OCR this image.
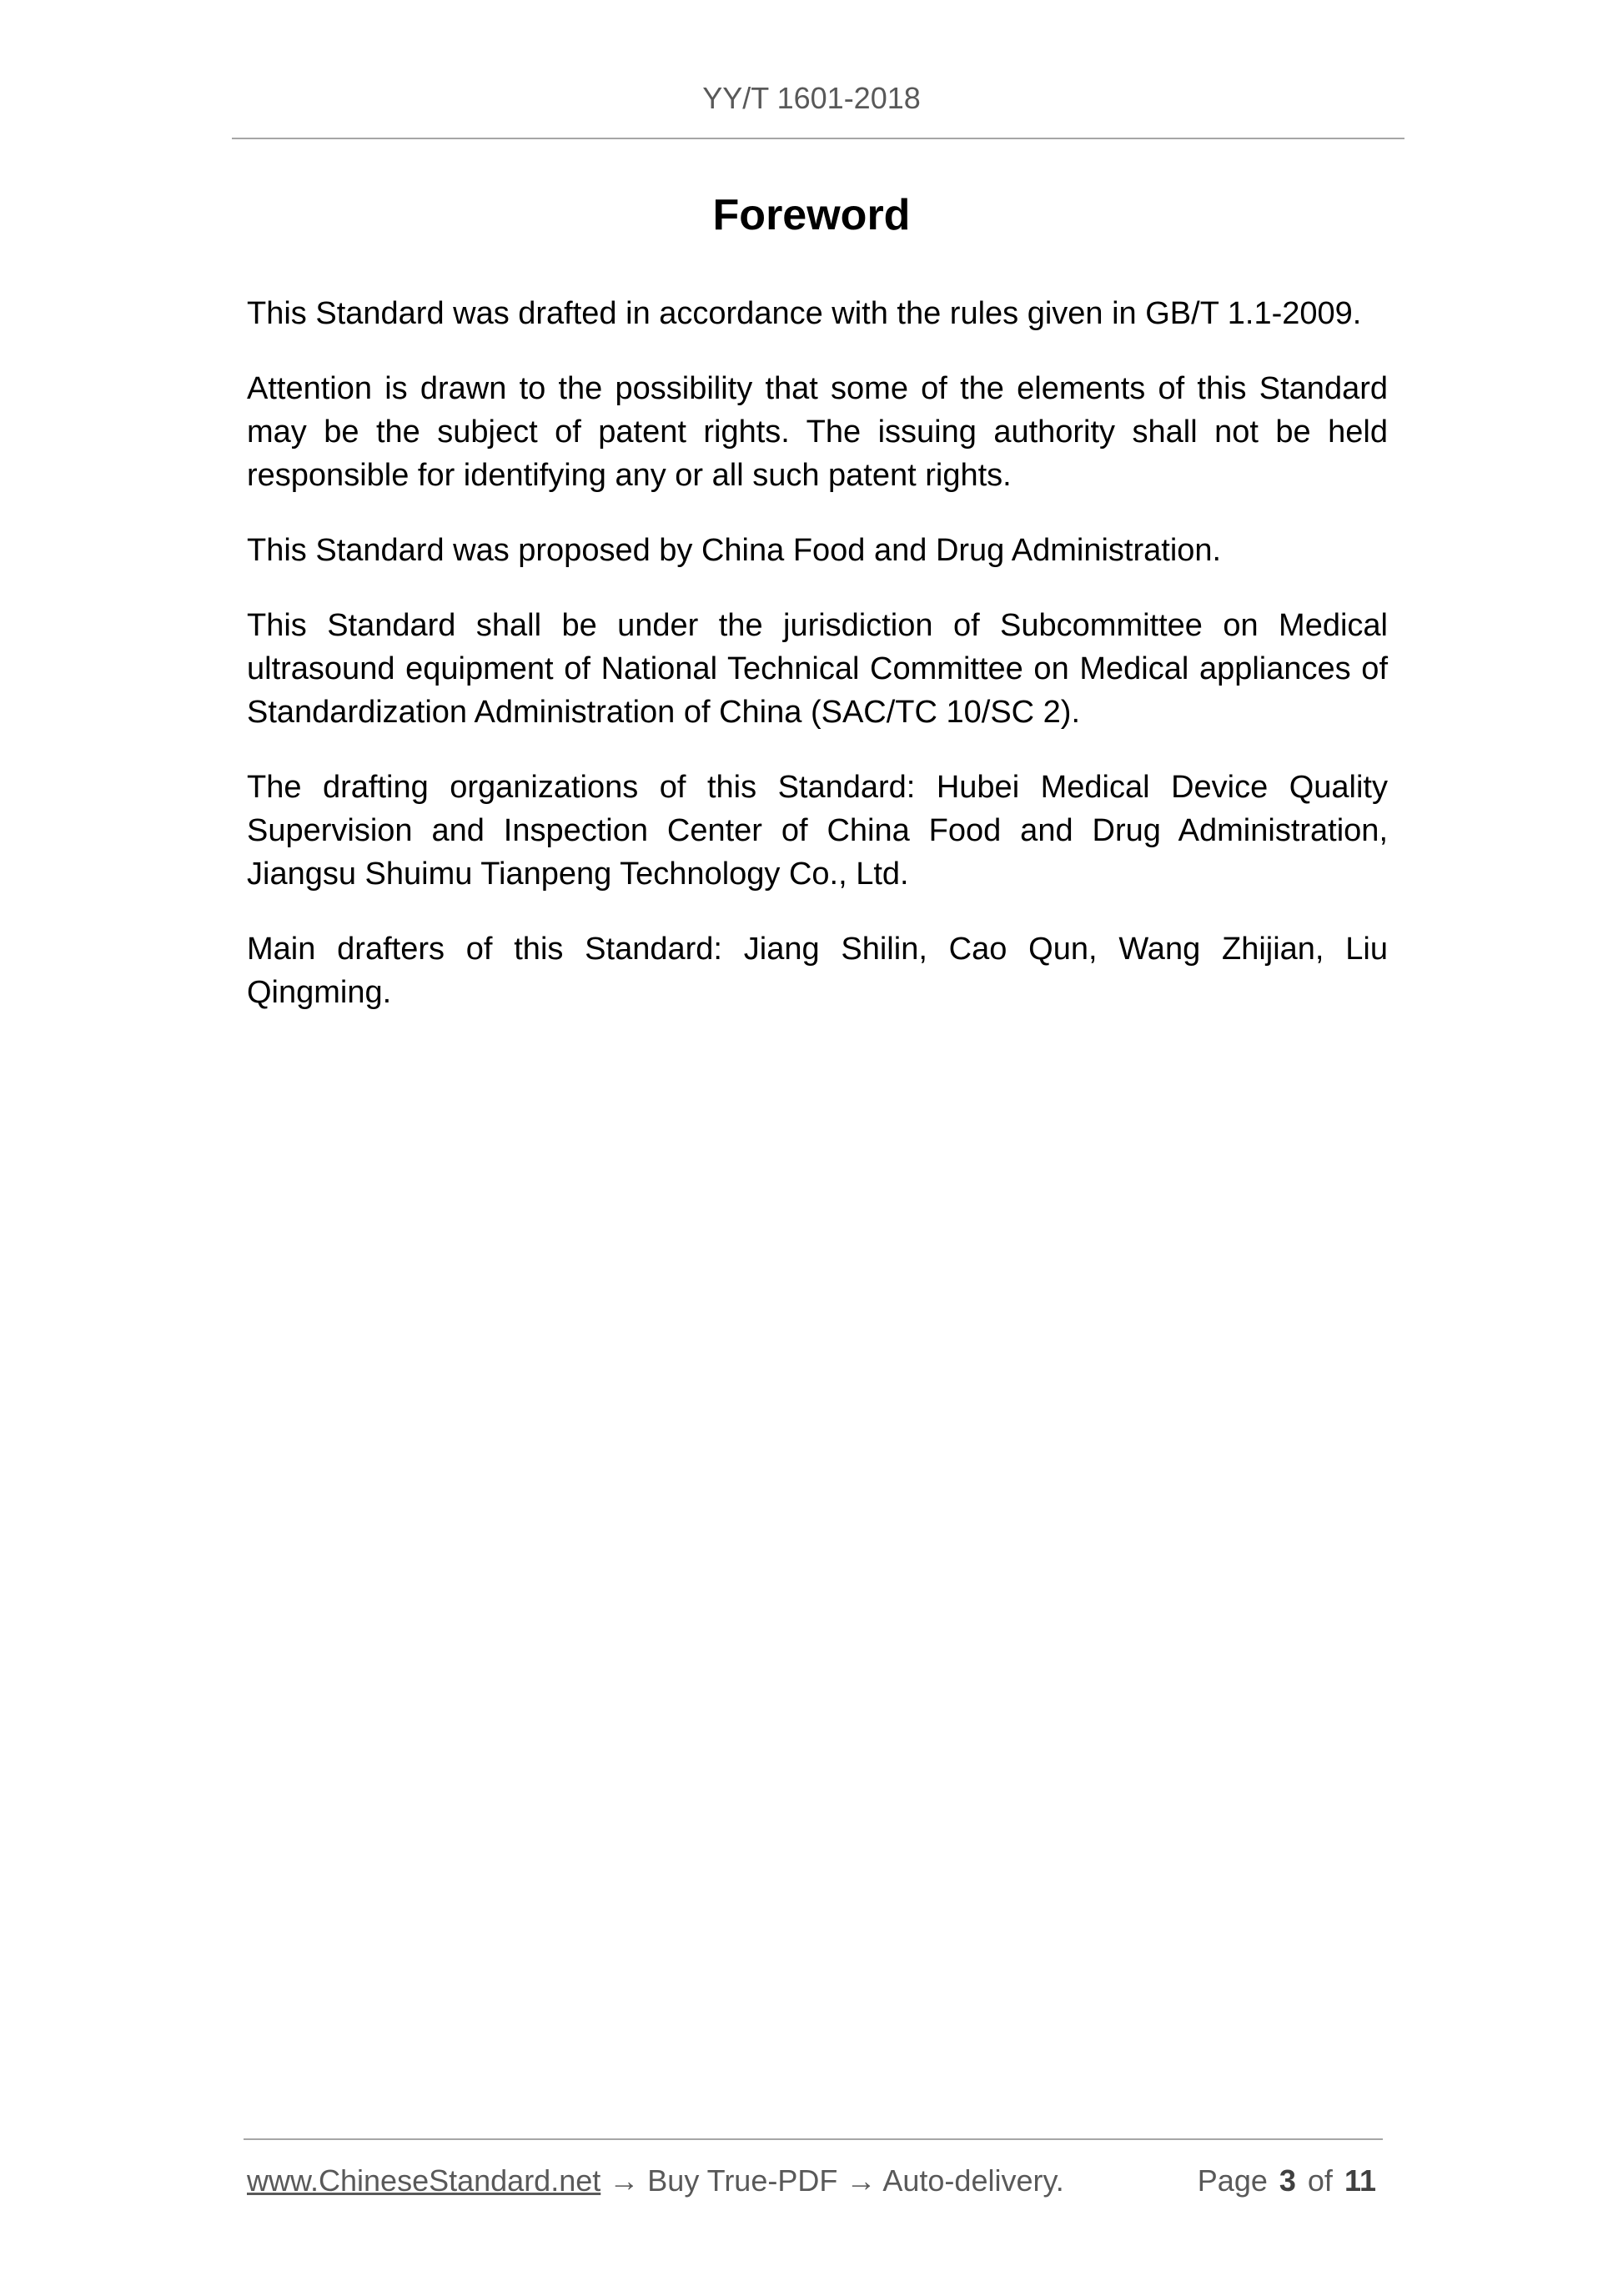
YY/T 1601-2018
Foreword

This Standard was drafted in accordance with the rules given in GB/T 1.1-2009.

Attention is drawn to the possibility that some of the elements of this Standard may be the subject of patent rights. The issuing authority shall not be held responsible for identifying any or all such patent rights.

This Standard was proposed by China Food and Drug Administration.

This Standard shall be under the jurisdiction of Subcommittee on Medical ultrasound equipment of National Technical Committee on Medical appliances of Standardization Administration of China (SAC/TC 10/SC 2).

The drafting organizations of this Standard: Hubei Medical Device Quality Supervision and Inspection Center of China Food and Drug Administration, Jiangsu Shuimu Tianpeng Technology Co., Ltd.

Main drafters of this Standard: Jiang Shilin, Cao Qun, Wang Zhijian, Liu Qingming.

www.ChineseStandard.net → Buy True-PDF → Auto-delivery.	Page 3 of 11
